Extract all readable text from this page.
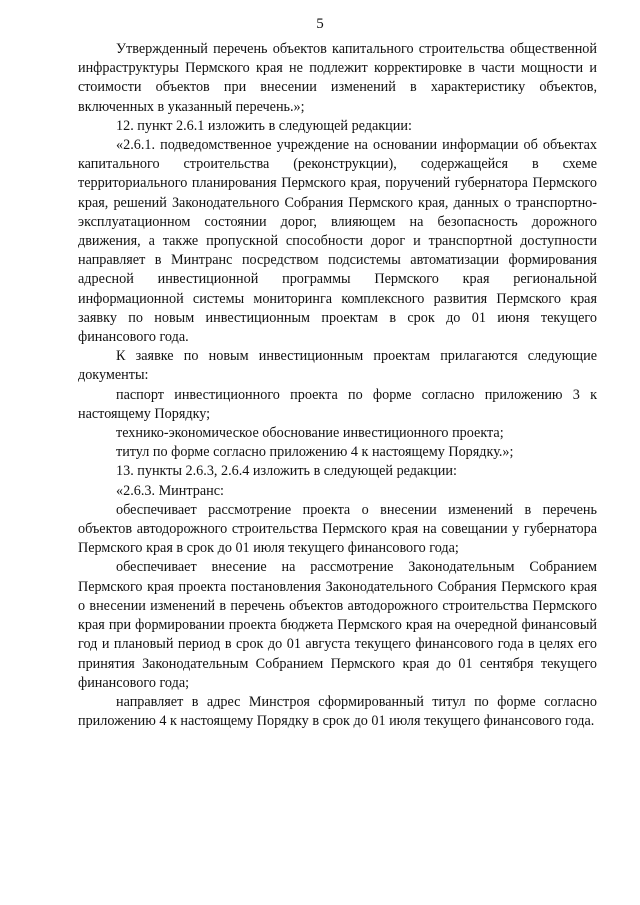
5

Утвержденный перечень объектов капитального строительства общественной инфраструктуры Пермского края не подлежит корректировке в части мощности и стоимости объектов при внесении изменений в характеристику объектов, включенных в указанный перечень.»;

12. пункт 2.6.1 изложить в следующей редакции:

«2.6.1. подведомственное учреждение на основании информации об объектах капитального строительства (реконструкции), содержащейся в схеме территориального планирования Пермского края, поручений губернатора Пермского края, решений Законодательного Собрания Пермского края, данных о транспортно-эксплуатационном состоянии дорог, влияющем на безопасность дорожного движения, а также пропускной способности дорог и транспортной доступности направляет в Минтранс посредством подсистемы автоматизации формирования адресной инвестиционной программы Пермского края региональной информационной системы мониторинга комплексного развития Пермского края заявку по новым инвестиционным проектам в срок до 01 июня текущего финансового года.

К заявке по новым инвестиционным проектам прилагаются следующие документы:

паспорт инвестиционного проекта по форме согласно приложению 3 к настоящему Порядку;

технико-экономическое обоснование инвестиционного проекта;

титул по форме согласно приложению 4 к настоящему Порядку.»;

13. пункты 2.6.3, 2.6.4 изложить в следующей редакции:

«2.6.3. Минтранс:

обеспечивает рассмотрение проекта о внесении изменений в перечень объектов автодорожного строительства Пермского края на совещании у губернатора Пермского края в срок до 01 июля текущего финансового года;

обеспечивает внесение на рассмотрение Законодательным Собранием Пермского края проекта постановления Законодательного Собрания Пермского края о внесении изменений в перечень объектов автодорожного строительства Пермского края при формировании проекта бюджета Пермского края на очередной финансовый год и плановый период в срок до 01 августа текущего финансового года в целях его принятия Законодательным Собранием Пермского края до 01 сентября текущего финансового года;

направляет в адрес Минстроя сформированный титул по форме согласно приложению 4 к настоящему Порядку в срок до 01 июля текущего финансового года.
